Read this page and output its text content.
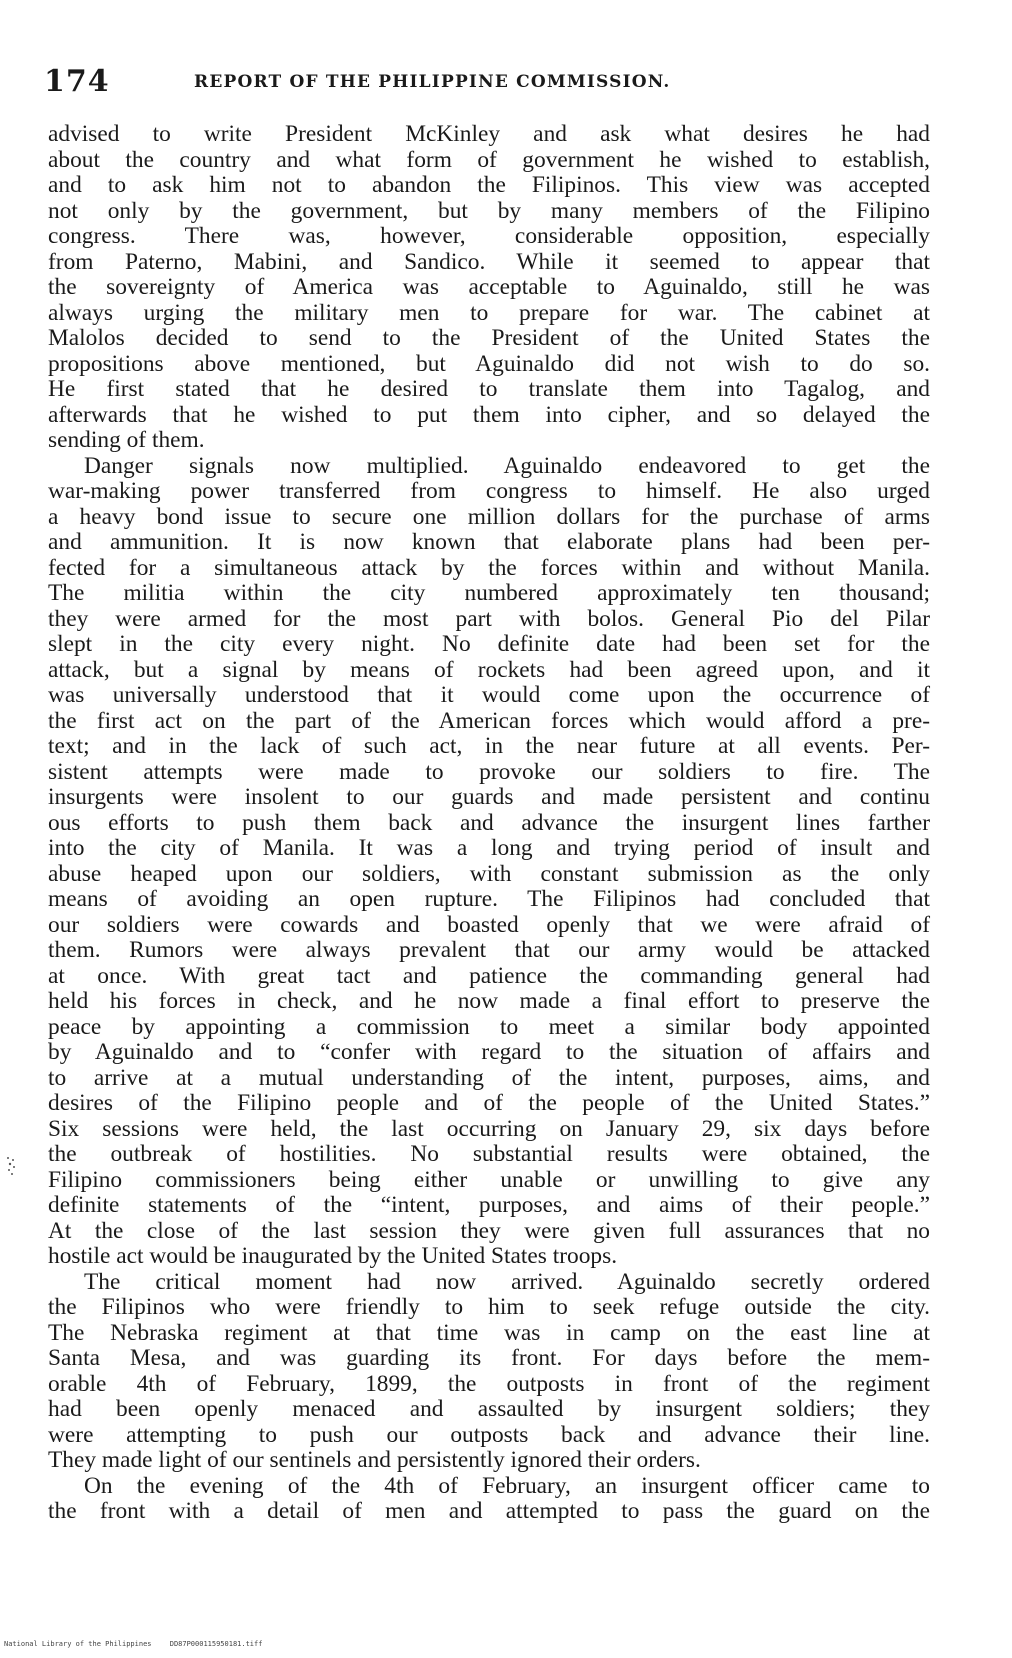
174	REPORT OF THE PHILIPPINE COMMISSION.
advised to write President McKinley and ask what desires he had
about the country and what form of government he wished to establish,
and to ask him not to abandon the Filipinos. This view was accepted
not only by the government, but by many members of the Filipino
congress. There was, however, considerable opposition, especially
from Paterno, Mabini, and Sandico. While it seemed to appear that
the sovereignty of America was acceptable to Aguinaldo, still he was
always urging the military men to prepare for war. The cabinet at
Malolos decided to send to the President of the United States the
propositions above mentioned, but Aguinaldo did not wish to do so.
He first stated that he desired to translate them into Tagalog, and
afterwards that he wished to put them into cipher, and so delayed the
sending of them.
Danger signals now multiplied. Aguinaldo endeavored to get the
war-making power transferred from congress to himself. He also urged
a heavy bond issue to secure one million dollars for the purchase of arms
and ammunition. It is now known that elaborate plans had been per-
fected for a simultaneous attack by the forces within and without Manila.
The militia within the city numbered approximately ten thousand;
they were armed for the most part with bolos. General Pio del Pilar
slept in the city every night. No definite date had been set for the
attack, but a signal by means of rockets had been agreed upon, and it
was universally understood that it would come upon the occurrence of
the first act on the part of the American forces which would afford a pre-
text; and in the lack of such act, in the near future at all events. Per-
sistent attempts were made to provoke our soldiers to fire. The
insurgents were insolent to our guards and made persistent and continu
ous efforts to push them back and advance the insurgent lines farther
into the city of Manila. It was a long and trying period of insult and
abuse heaped upon our soldiers, with constant submission as the only
means of avoiding an open rupture. The Filipinos had concluded that
our soldiers were cowards and boasted openly that we were afraid of
them. Rumors were always prevalent that our army would be attacked
at once. With great tact and patience the commanding general had
held his forces in check, and he now made a final effort to preserve the
peace by appointing a commission to meet a similar body appointed
by Aguinaldo and to “confer with regard to the situation of affairs and
to arrive at a mutual understanding of the intent, purposes, aims, and
desires of the Filipino people and of the people of the United States.”
Six sessions were held, the last occurring on January 29, six days before
the outbreak of hostilities. No substantial results were obtained, the
Filipino commissioners being either unable or unwilling to give any
definite statements of the “intent, purposes, and aims of their people.”
At the close of the last session they were given full assurances that no
hostile act would be inaugurated by the United States troops.
The critical moment had now arrived. Aguinaldo secretly ordered
the Filipinos who were friendly to him to seek refuge outside the city.
The Nebraska regiment at that time was in camp on the east line at
Santa Mesa, and was guarding its front. For days before the mem-
orable 4th of February, 1899, the outposts in front of the regiment
had been openly menaced and assaulted by insurgent soldiers; they
were attempting to push our outposts back and advance their line.
They made light of our sentinels and persistently ignored their orders.
On the evening of the 4th of February, an insurgent officer came to
the front with a detail of men and attempted to pass the guard on the
National Library of the Philippines	DD87P000115950181.tiff
